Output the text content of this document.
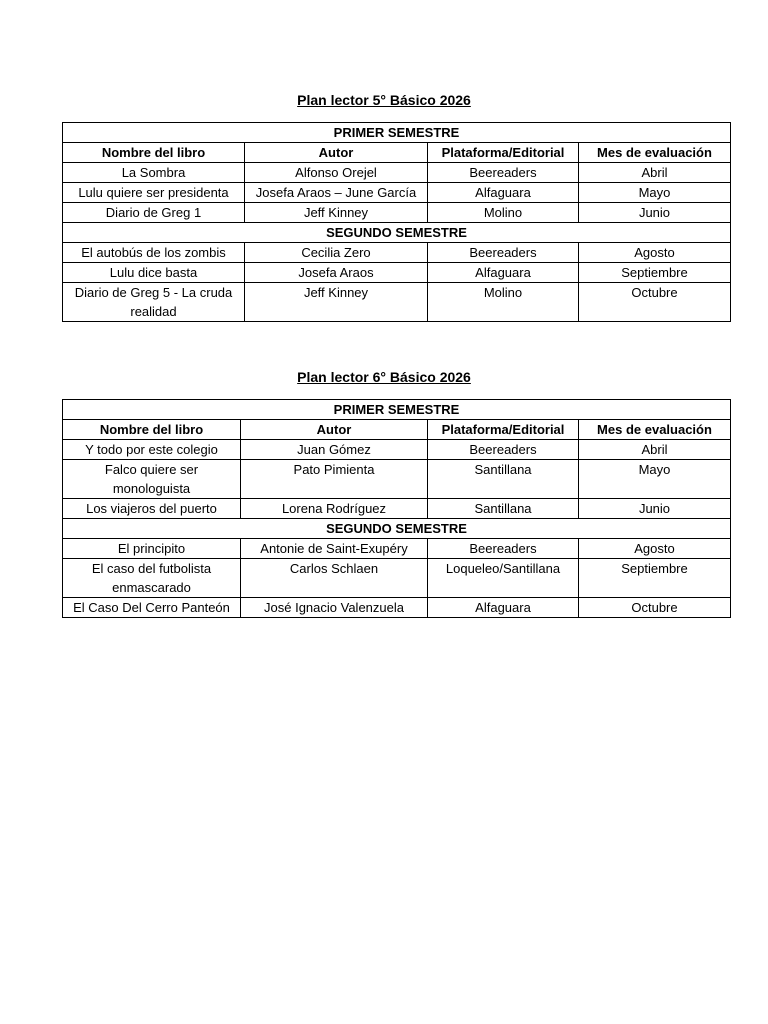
Plan lector 5° Básico 2026
PRIMER SEMESTRE			
Nombre del libro	Autor	Plataforma/Editorial	Mes de evaluación
La Sombra	Alfonso Orejel	Beereaders	Abril
Lulu quiere ser presidenta	Josefa Araos – June García	Alfaguara	Mayo
Diario de Greg 1	Jeff Kinney	Molino	Junio
SEGUNDO SEMESTRE			
El autobús de los zombis	Cecilia Zero	Beereaders	Agosto
Lulu dice basta	Josefa Araos	Alfaguara	Septiembre
Diario de Greg 5 - La cruda realidad	Jeff Kinney	Molino	Octubre
Plan lector 6° Básico 2026
PRIMER SEMESTRE			
Nombre del libro	Autor	Plataforma/Editorial	Mes de evaluación
Y todo por este colegio	Juan Gómez	Beereaders	Abril
Falco quiere ser monologuista	Pato Pimienta	Santillana	Mayo
Los viajeros del puerto	Lorena Rodríguez	Santillana	Junio
SEGUNDO SEMESTRE			
El principito	Antonie de Saint-Exupéry	Beereaders	Agosto
El caso del futbolista enmascarado	Carlos Schlaen	Loqueleo/Santillana	Septiembre
El Caso Del Cerro Panteón	José Ignacio Valenzuela	Alfaguara	Octubre
